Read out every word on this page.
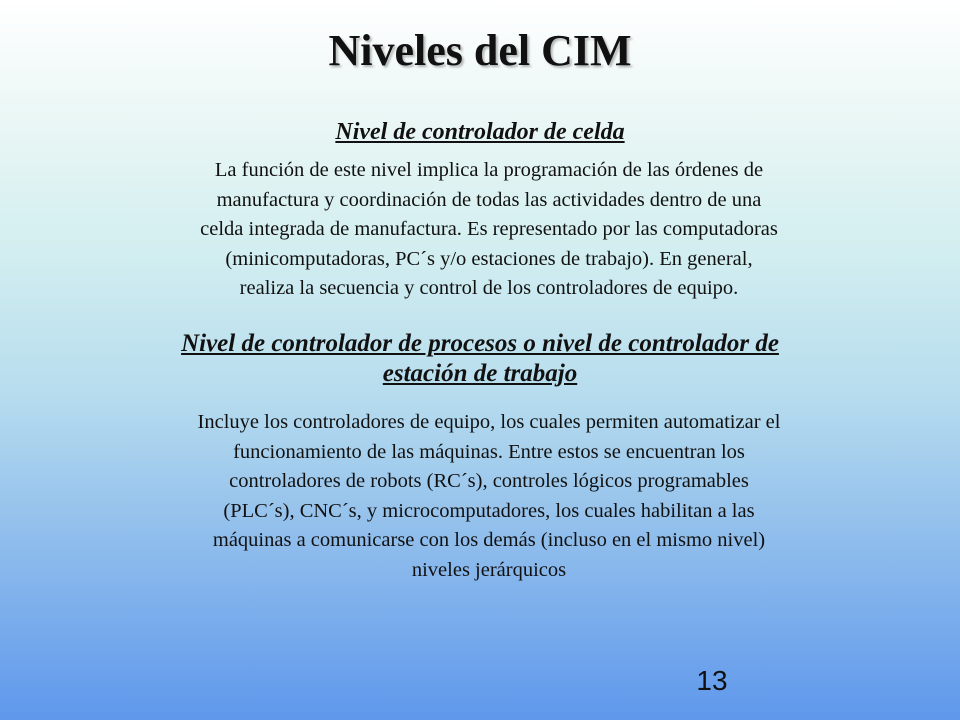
Niveles del CIM
Nivel de controlador de celda
La función de este nivel implica la programación de las órdenes de
manufactura y coordinación de todas las actividades dentro de una
celda integrada de manufactura. Es representado por las computadoras
(minicomputadoras, PC´s y/o estaciones de trabajo). En general,
realiza la secuencia y control de los controladores de equipo.
Nivel de controlador de procesos o nivel de controlador de
estación de trabajo
Incluye los controladores de equipo, los cuales permiten automatizar el
funcionamiento de las máquinas. Entre estos se encuentran los
controladores de robots (RC´s), controles lógicos programables
(PLC´s), CNC´s, y microcomputadores, los cuales habilitan a las
máquinas a comunicarse con los demás (incluso en el mismo nivel)
niveles jerárquicos
13
